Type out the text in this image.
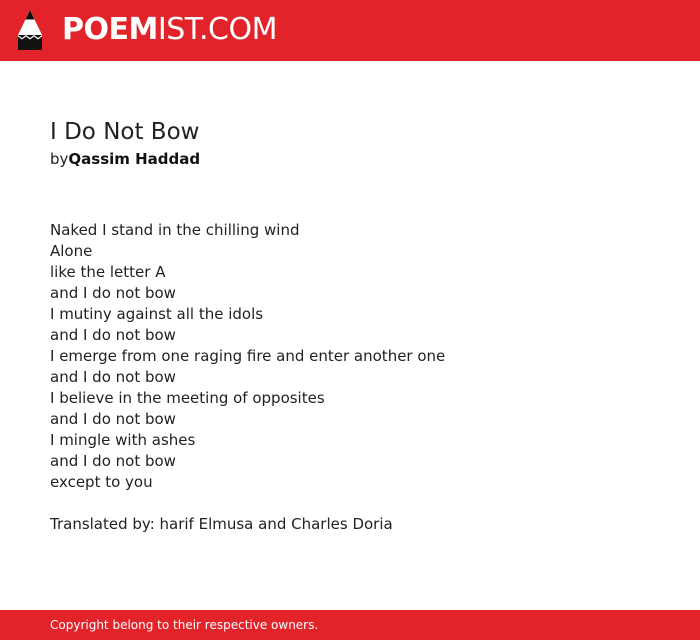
POEMIST.COM
I Do Not Bow

byQassim Haddad

Naked I stand in the chilling wind
Alone
like the letter A
and I do not bow
I mutiny against all the idols
and I do not bow
I emerge from one raging fire and enter another one
and I do not bow
I believe in the meeting of opposites
and I do not bow
I mingle with ashes
and I do not bow
except to you
Translated by: harif Elmusa and Charles Doria
Copyright belong to their respective owners.
